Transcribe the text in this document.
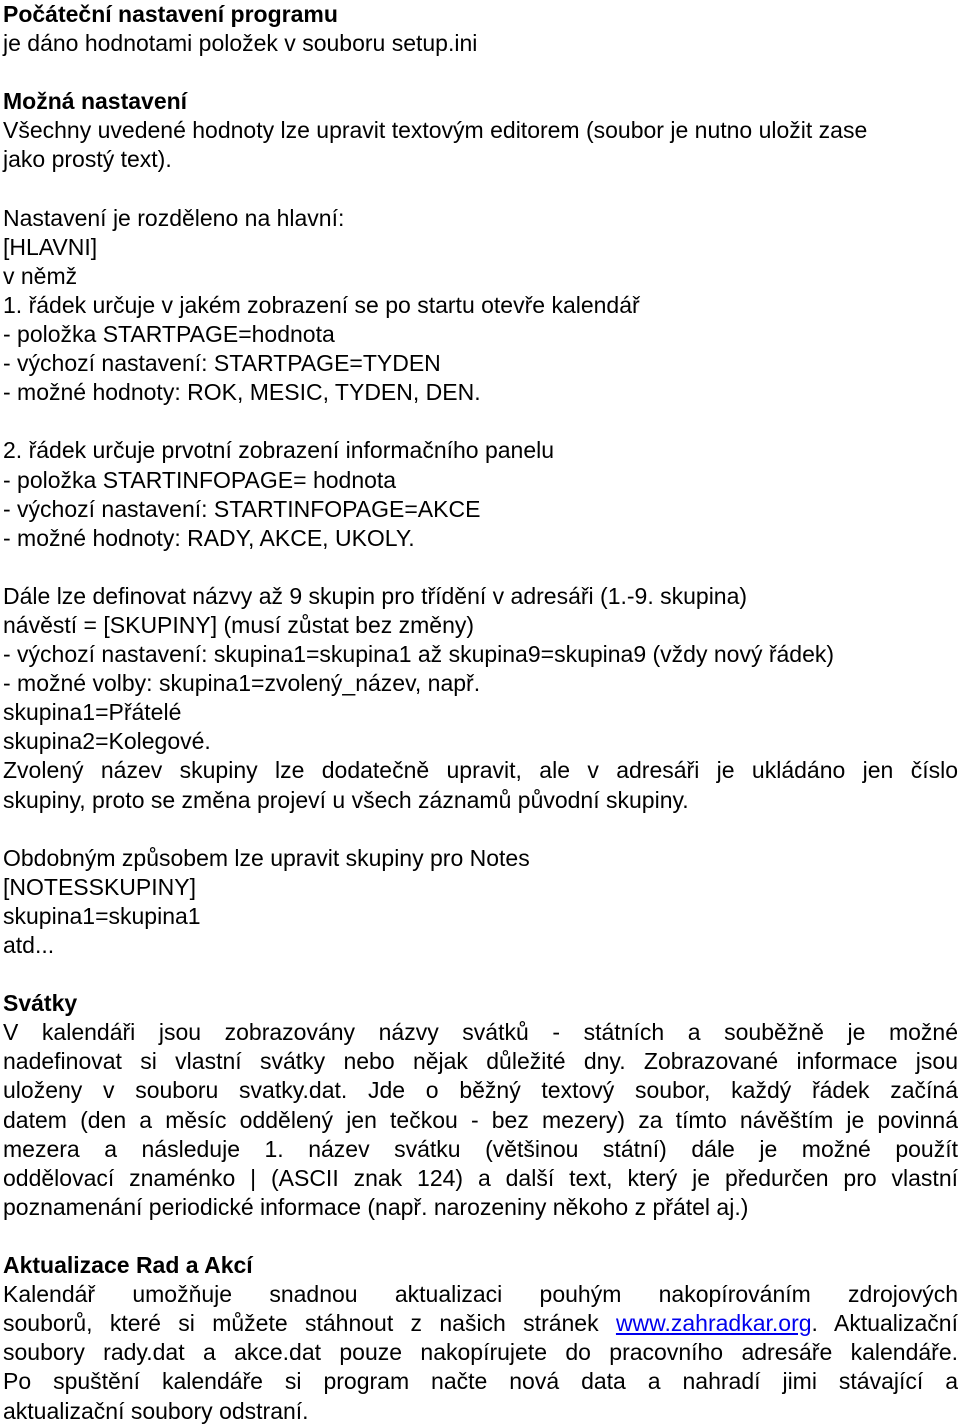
Počáteční nastavení programu
je dáno hodnotami položek v souboru setup.ini
Možná nastavení
Všechny uvedené hodnoty lze upravit textovým editorem (soubor je nutno uložit zase
jako prostý text).
Nastavení je rozděleno na hlavní:
[HLAVNI]
v němž
1. řádek určuje v jakém zobrazení se po startu otevře kalendář
- položka STARTPAGE=hodnota
- výchozí nastavení: STARTPAGE=TYDEN
- možné hodnoty: ROK, MESIC, TYDEN, DEN.
2. řádek určuje prvotní zobrazení informačního panelu
- položka STARTINFOPAGE= hodnota
- výchozí nastavení: STARTINFOPAGE=AKCE
- možné hodnoty: RADY, AKCE, UKOLY.
Dále lze definovat názvy až 9 skupin pro třídění v adresáři (1.-9. skupina)
návěstí = [SKUPINY] (musí zůstat bez změny)
- výchozí nastavení: skupina1=skupina1 až skupina9=skupina9 (vždy nový řádek)
- možné volby: skupina1=zvolený_název, např.
skupina1=Přátelé
skupina2=Kolegové.
Zvolený název skupiny lze dodatečně upravit, ale v adresáři je ukládáno jen číslo
skupiny, proto se změna projeví u všech záznamů původní skupiny.
Obdobným způsobem lze upravit skupiny pro Notes
[NOTESSKUPINY]
skupina1=skupina1
atd...
Svátky
V kalendáři jsou zobrazovány názvy svátků - státních a souběžně je možné
nadefinovat si vlastní svátky nebo nějak důležité dny. Zobrazované informace jsou
uloženy v souboru svatky.dat. Jde o běžný textový soubor, každý řádek začíná
datem (den a měsíc oddělený jen tečkou - bez mezery) za tímto návěštím je povinná
mezera a následuje 1. název svátku (většinou státní) dále je možné použít
oddělovací znaménko | (ASCII znak 124) a další text, který je předurčen pro vlastní
poznamenání periodické informace (např. narozeniny někoho z přátel aj.)
Aktualizace Rad a Akcí
Kalendář umožňuje snadnou aktualizaci pouhým nakopírováním zdrojových
souborů, které si můžete stáhnout z našich stránek www.zahradkar.org. Aktualizační
soubory rady.dat a akce.dat pouze nakopírujete do pracovního adresáře kalendáře.
Po spuštění kalendáře si program načte nová data a nahradí jimi stávající a
aktualizační soubory odstraní.
